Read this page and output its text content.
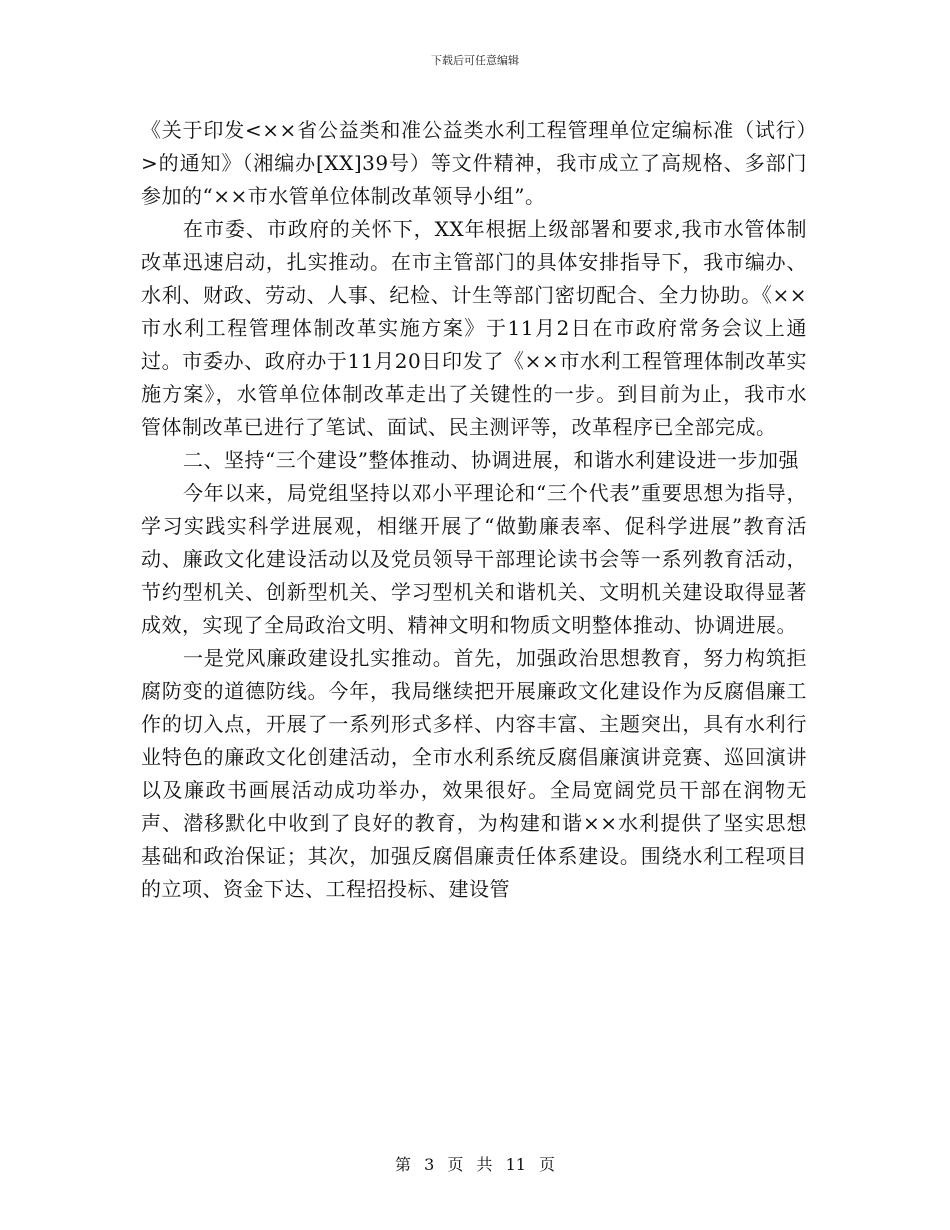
下载后可任意编辑

《关于印发<××省公益类和准公益类水利工程管理单位定编标准（试行）>的通知》（湘编办[XX]39号）等文件精神，我市成立了高规格、多部门参加的“××市水管单位体制改革领导小组”。

在市委、市政府的关怀下，XX年根据上级部署和要求,我市水管体制改革迅速启动，扎实推动。在市主管部门的具体安排指导下，我市编办、水利、财政、劳动、人事、纪检、计生等部门密切配合、全力协助。《××市水利工程管理体制改革实施方案》于11月2日在市政府常务会议上通过。市委办、政府办于11月20日印发了《××市水利工程管理体制改革实施方案》，水管单位体制改革走出了关键性的一步。到目前为止，我市水管体制改革已进行了笔试、面试、民主测评等，改革程序已全部完成。

二、坚持“三个建设”整体推动、协调进展，和谐水利建设进一步加强

今年以来，局党组坚持以邓小平理论和“三个代表”重要思想为指导，学习实践实科学进展观，相继开展了“做勤廉表率、促科学进展”教育活动、廉政文化建设活动以及党员领导干部理论读书会等一系列教育活动，节约型机关、创新型机关、学习型机关和谐机关、文明机关建设取得显著成效，实现了全局政治文明、精神文明和物质文明整体推动、协调进展。

一是党风廉政建设扎实推动。首先，加强政治思想教育，努力构筑拒腐防变的道德防线。今年，我局继续把开展廉政文化建设作为反腐倡廉工作的切入点，开展了一系列形式多样、内容丰富、主题突出，具有水利行业特色的廉政文化创建活动，全市水利系统反腐倡廉演讲竞赛、巡回演讲以及廉政书画展活动成功举办，效果很好。全局宽阔党员干部在润物无声、潜移默化中收到了良好的教育，为构建和谐××水利提供了坚实思想基础和政治保证；其次，加强反腐倡廉责任体系建设。围绕水利工程项目的立项、资金下达、工程招投标、建设管

第 3 页 共 11 页
